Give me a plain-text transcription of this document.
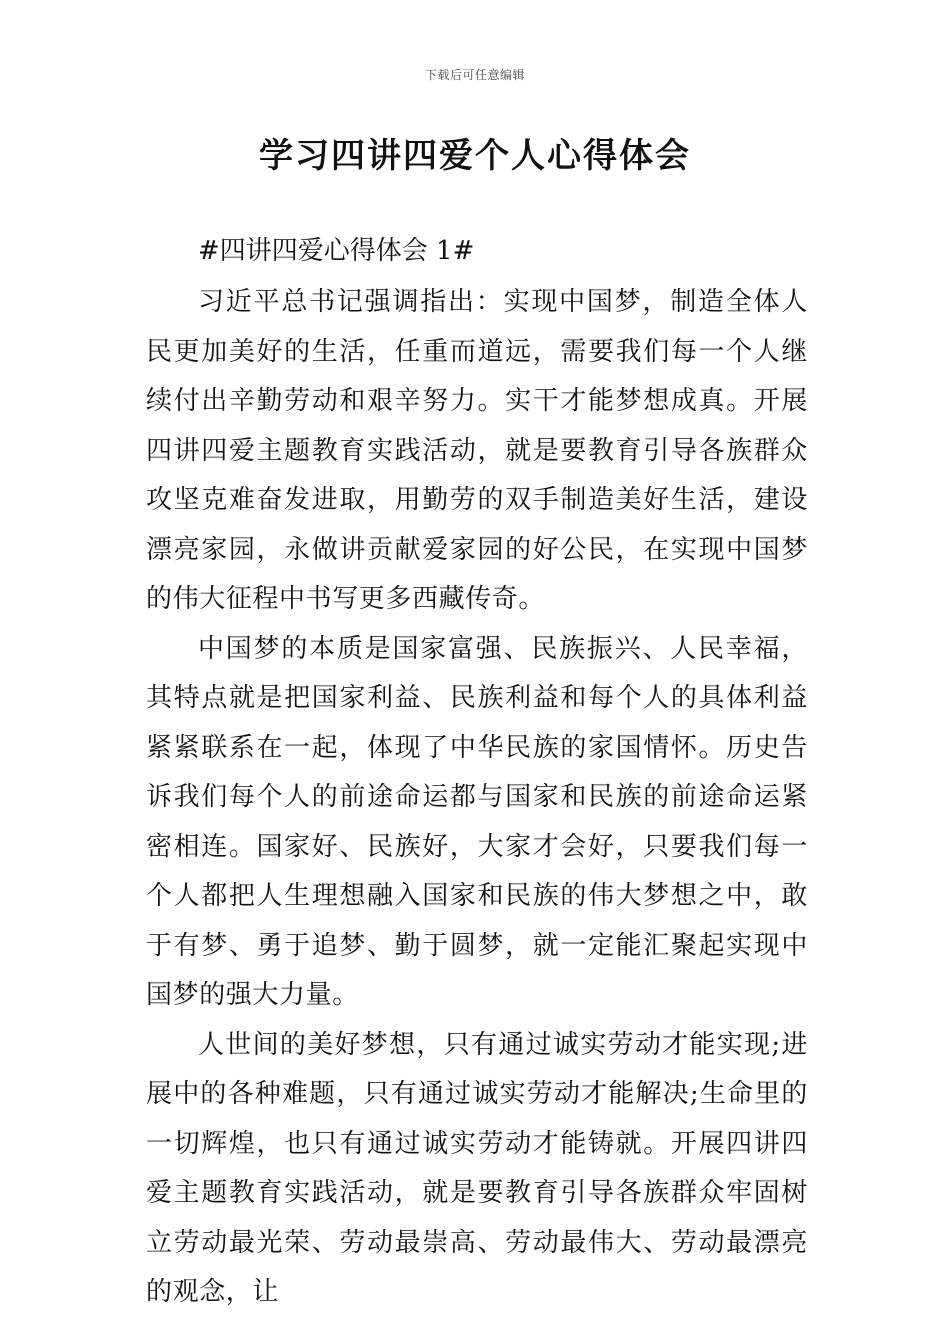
下载后可任意编辑
学习四讲四爱个人心得体会

#四讲四爱心得体会 1#

习近平总书记强调指出：实现中国梦，制造全体人民更加美好的生活，任重而道远，需要我们每一个人继续付出辛勤劳动和艰辛努力。实干才能梦想成真。开展四讲四爱主题教育实践活动，就是要教育引导各族群众攻坚克难奋发进取，用勤劳的双手制造美好生活，建设漂亮家园，永做讲贡献爱家园的好公民，在实现中国梦的伟大征程中书写更多西藏传奇。

中国梦的本质是国家富强、民族振兴、人民幸福，其特点就是把国家利益、民族利益和每个人的具体利益紧紧联系在一起，体现了中华民族的家国情怀。历史告诉我们每个人的前途命运都与国家和民族的前途命运紧密相连。国家好、民族好，大家才会好，只要我们每一个人都把人生理想融入国家和民族的伟大梦想之中，敢于有梦、勇于追梦、勤于圆梦，就一定能汇聚起实现中国梦的强大力量。

人世间的美好梦想，只有通过诚实劳动才能实现;进展中的各种难题，只有通过诚实劳动才能解决;生命里的一切辉煌，也只有通过诚实劳动才能铸就。开展四讲四爱主题教育实践活动，就是要教育引导各族群众牢固树立劳动最光荣、劳动最崇高、劳动最伟大、劳动最漂亮的观念，让
